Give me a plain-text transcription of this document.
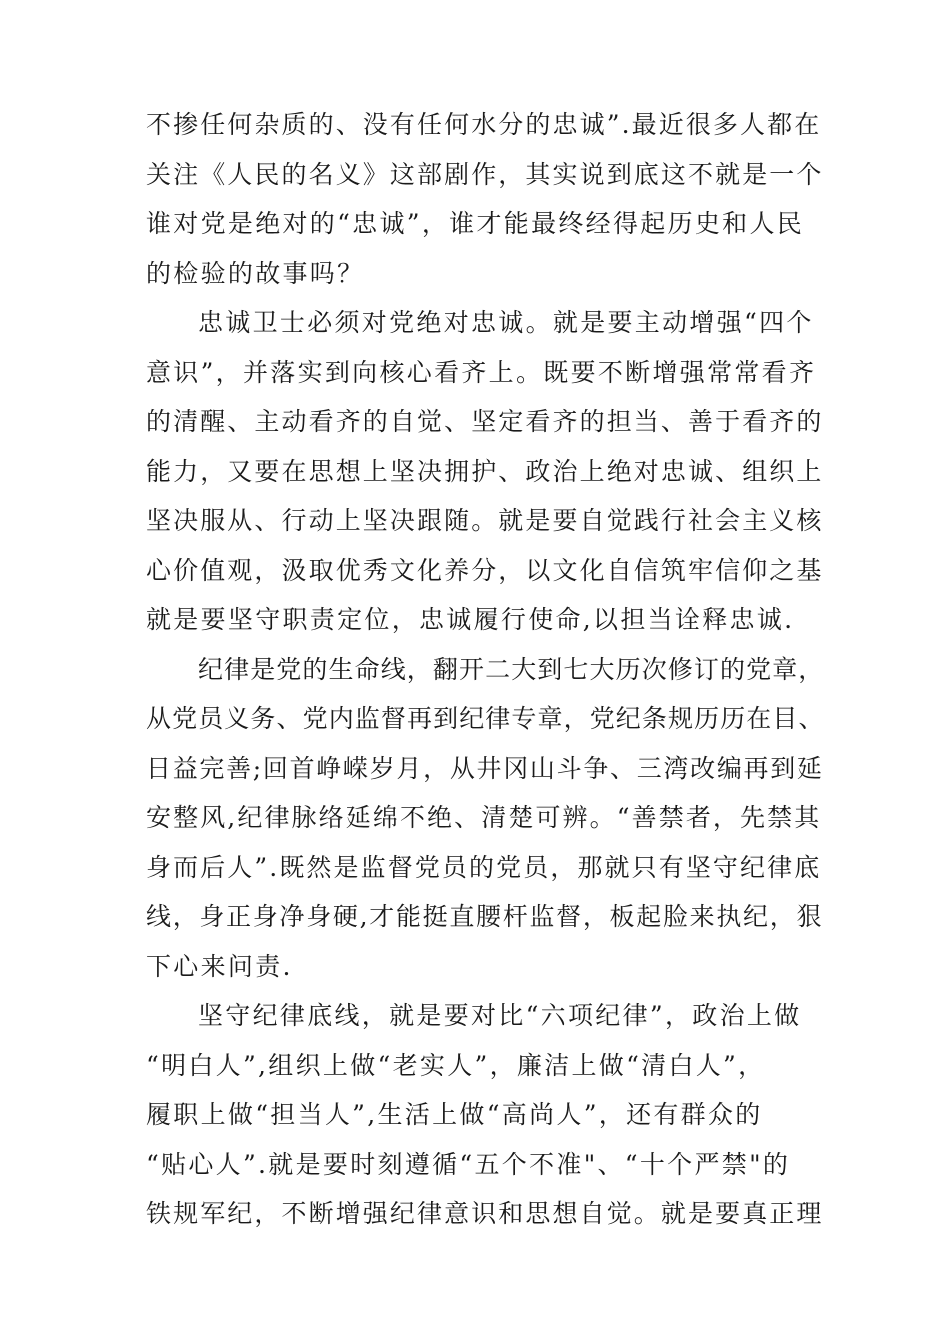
不掺任何杂质的、没有任何水分的忠诚”.最近很多人都在
关注《人民的名义》这部剧作，其实说到底这不就是一个
谁对党是绝对的“忠诚”，谁才能最终经得起历史和人民
的检验的故事吗？
忠诚卫士必须对党绝对忠诚。就是要主动增强“四个
意识”，并落实到向核心看齐上。既要不断增强常常看齐
的清醒、主动看齐的自觉、坚定看齐的担当、善于看齐的
能力，又要在思想上坚决拥护、政治上绝对忠诚、组织上
坚决服从、行动上坚决跟随。就是要自觉践行社会主义核
心价值观，汲取优秀文化养分，以文化自信筑牢信仰之基
就是要坚守职责定位，忠诚履行使命,以担当诠释忠诚.
纪律是党的生命线，翻开二大到七大历次修订的党章，
从党员义务、党内监督再到纪律专章，党纪条规历历在目、
日益完善;回首峥嵘岁月，从井冈山斗争、三湾改编再到延
安整风,纪律脉络延绵不绝、清楚可辨。“善禁者，先禁其
身而后人”.既然是监督党员的党员，那就只有坚守纪律底
线，身正身净身硬,才能挺直腰杆监督，板起脸来执纪，狠
下心来问责.
坚守纪律底线，就是要对比“六项纪律”，政治上做
“明白人”,组织上做“老实人”，廉洁上做“清白人”，
履职上做“担当人”,生活上做“高尚人”，还有群众的
“贴心人”.就是要时刻遵循“五个不准"、“十个严禁"的
铁规军纪，不断增强纪律意识和思想自觉。就是要真正理
